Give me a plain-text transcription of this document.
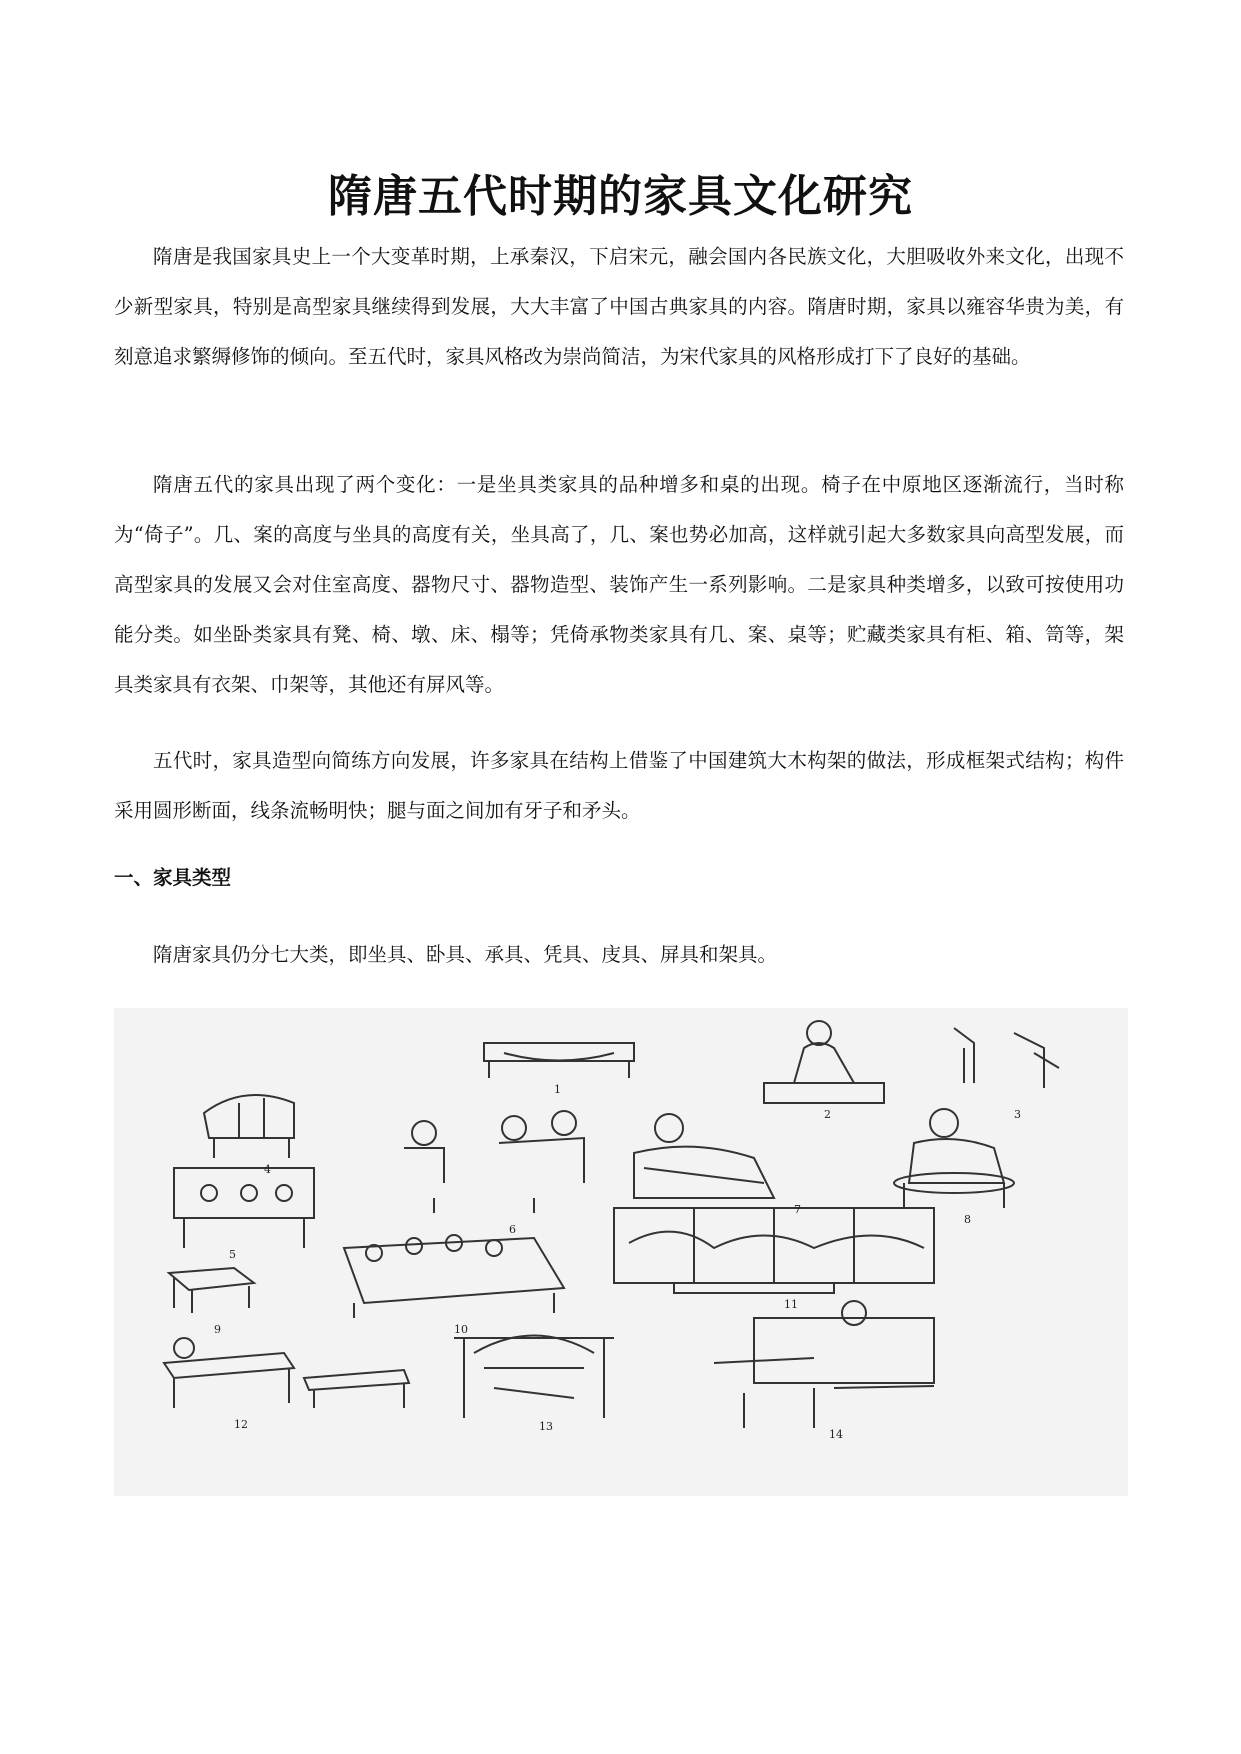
隋唐五代时期的家具文化研究

隋唐是我国家具史上一个大变革时期，上承秦汉，下启宋元，融会国内各民族文化，大胆吸收外来文化，出现不少新型家具，特别是高型家具继续得到发展，大大丰富了中国古典家具的内容。隋唐时期，家具以雍容华贵为美，有刻意追求繁缛修饰的倾向。至五代时，家具风格改为崇尚简洁，为宋代家具的风格形成打下了良好的基础。

隋唐五代的家具出现了两个变化：一是坐具类家具的品种增多和桌的出现。椅子在中原地区逐渐流行，当时称为“倚子”。几、案的高度与坐具的高度有关，坐具高了，几、案也势必加高，这样就引起大多数家具向高型发展，而高型家具的发展又会对住室高度、器物尺寸、器物造型、装饰产生一系列影响。二是家具种类增多，以致可按使用功能分类。如坐卧类家具有凳、椅、墩、床、榻等；凭倚承物类家具有几、案、桌等；贮藏类家具有柜、箱、笥等，架具类家具有衣架、巾架等，其他还有屏风等。

五代时，家具造型向简练方向发展，许多家具在结构上借鉴了中国建筑大木构架的做法，形成框架式结构；构件采用圆形断面，线条流畅明快；腿与面之间加有牙子和矛头。

一、家具类型

隋唐家具仍分七大类，即坐具、卧具、承具、凭具、庋具、屏具和架具。

1
2	3
4
5
6
7
8
9	10
11
12	13
14
